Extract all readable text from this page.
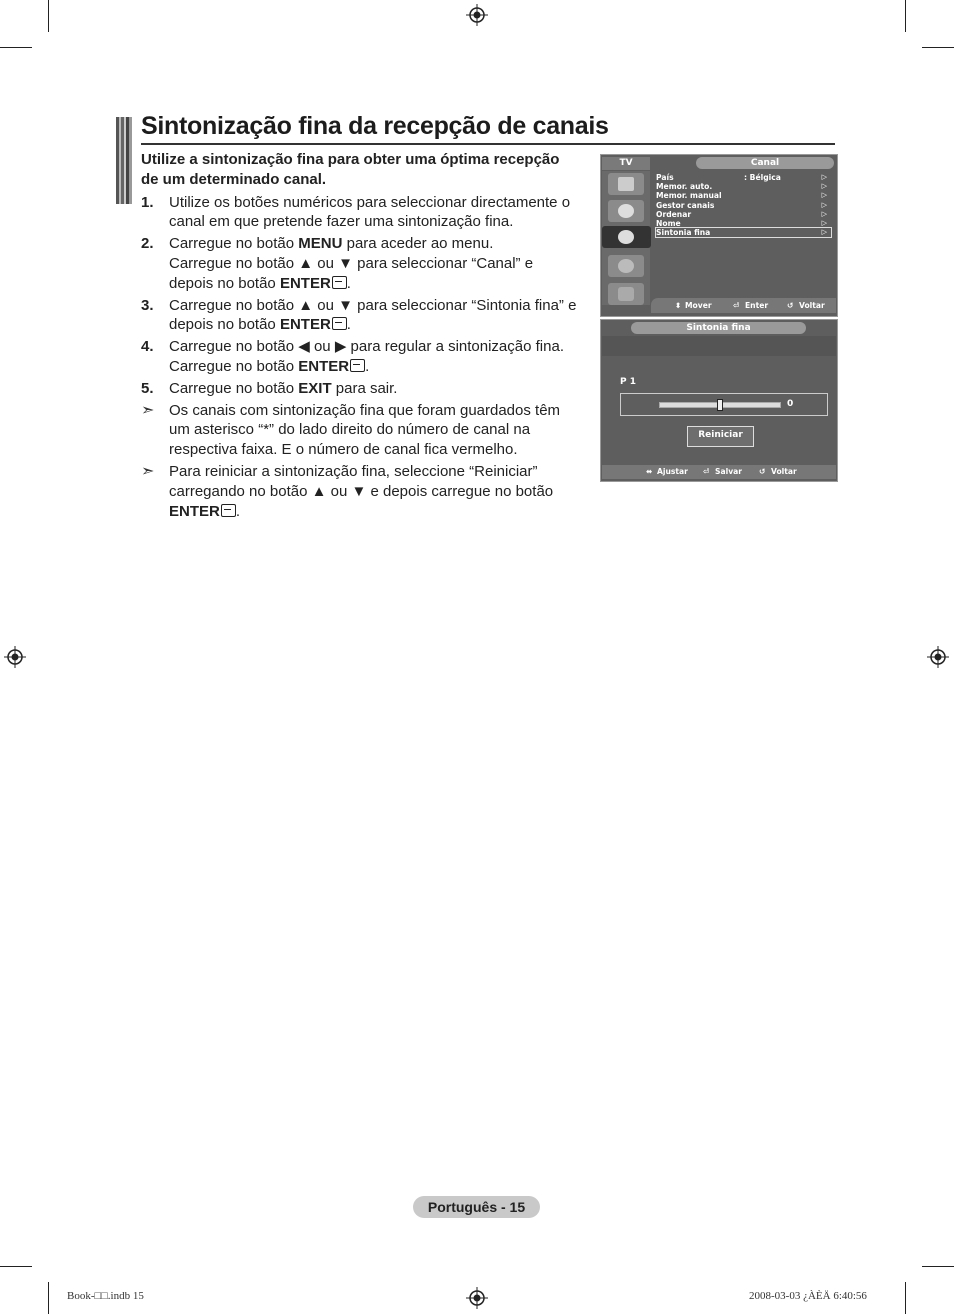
Sintonização fina da recepção de canais
Utilize a sintonização fina para obter uma óptima recepção de um determinado canal.
1.	Utilize os botões numéricos para seleccionar directamente o canal em que pretende fazer uma sintonização fina.
2.	Carregue no botão MENU para aceder ao menu.
Carregue no botão ▲ ou ▼ para seleccionar “Canal” e depois no botão ENTER .
3.	Carregue no botão ▲ ou ▼ para seleccionar “Sintonia fina” e depois no botão ENTER .
4.	Carregue no botão ◀ ou ▶ para regular a sintonização fina.
Carregue no botão ENTER .
5.	Carregue no botão EXIT para sair.
➣ Os canais com sintonização fina que foram guardados têm um asterisco “*” do lado direito do número de canal na respectiva faixa. E o número de canal fica vermelho.
➣ Para reiniciar a sintonização fina, seleccione “Reiniciar” carregando no botão ▲ ou ▼ e depois carregue no botão ENTER .
TV	Canal
País	: Bélgica	▷
Memor. auto.	▷
Memor. manual	▷
Gestor canais	▷
Ordenar	▷
Nome	▷
Sintonia fina	▷
⬍ Mover	⏎ Enter ↺ Voltar
Sintonia fina
P 1
0
Reiniciar
⬌ Ajustar ⏎ Salvar ↺ Voltar
Português - 15
Book-□□.indb 15	2008-03-03 ¿ÀÈÄ 6:40:56
